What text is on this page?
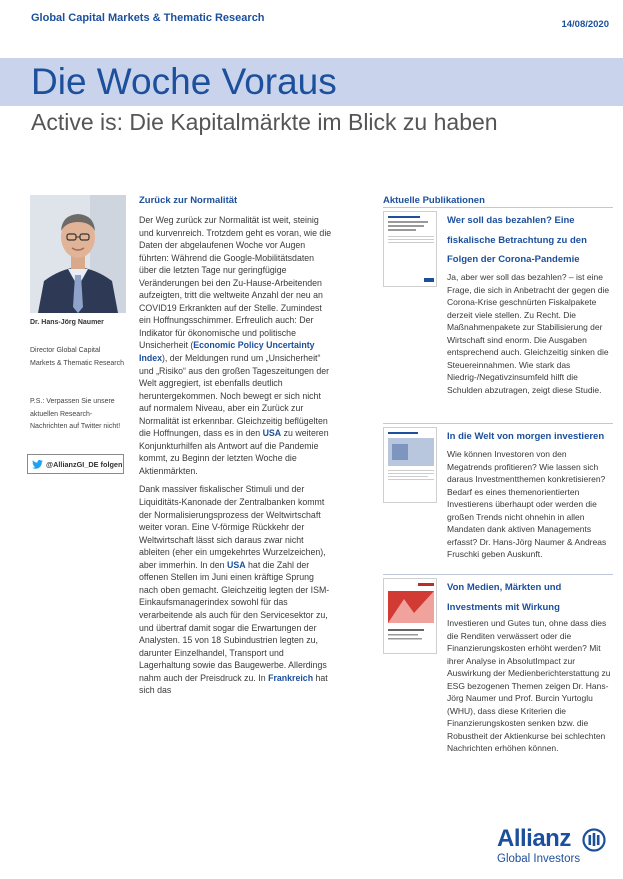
Global Capital Markets & Thematic Research
14/08/2020
Die Woche Voraus
Active is: Die Kapitalmärkte im Blick zu haben
Dr. Hans-Jörg Naumer
Director Global Capital Markets & Thematic Research
P.S.: Verpassen Sie unsere aktuellen Research-Nachrichten auf Twitter nicht!
@AllianzGI_DE folgen
Zurück zur Normalität

Der Weg zurück zur Normalität ist weit, steinig und kurvenreich. Trotzdem geht es voran, wie die Daten der abgelaufenen Woche vor Augen führten: Während die Google-Mobilitätsdaten über die letzten Tage nur geringfügige Veränderungen bei den Zu-Hause-Arbeitenden aufzeigten, tritt die weltweite Anzahl der neu an COVID19 Erkrankten auf der Stelle. Zumindest ein Hoffnungsschimmer. Erfreulich auch: Der Indikator für ökonomische und politische Unsicherheit (Economic Policy Uncertainty Index), der Meldungen rund um „Unsicherheit“ und „Risiko“ aus den großen Tageszeitungen der Welt aggregiert, ist ebenfalls deutlich heruntergekommen. Noch bewegt er sich nicht auf normalem Niveau, aber ein Zurück zur Normalität ist erkennbar. Gleichzeitig beflügelten die Hoffnungen, dass es in den USA zu weiteren Konjunkturhilfen als Antwort auf die Pandemie kommt, zu Beginn der letzten Woche die Aktienmärkten.

Dank massiver fiskalischer Stimuli und der Liquiditäts-Kanonade der Zentralbanken kommt der Normalisierungsprozess der Weltwirtschaft weiter voran. Eine V-förmige Rückkehr der Weltwirtschaft lässt sich daraus zwar nicht ableiten (eher ein umgekehrtes Wurzelzeichen), aber immerhin. In den USA hat die Zahl der offenen Stellen im Juni einen kräftige Sprung nach oben gemacht. Gleichzeitig legten der ISM-Einkaufsmanagerindex sowohl für das verarbeitende als auch für den Servicesektor zu, und übertraf damit sogar die Erwartungen der Analysten. 15 von 18 Subindustrien legten zu, darunter Einzelhandel, Transport und Lagerhaltung sowie das Baugewerbe. Allerdings nahm auch der Preisdruck zu. In Frankreich hat sich das

Aktuelle Publikationen
Wer soll das bezahlen? Eine fiskalische Betrachtung zu den Folgen der Corona-Pandemie
Ja, aber wer soll das bezahlen? – ist eine Frage, die sich in Anbetracht der gegen die Corona-Krise geschnürten Fiskalpakete derzeit viele stellen. Zu Recht. Die Maßnahmenpakete zur Stabilisierung der Wirtschaft sind enorm. Die Ausgaben entsprechend auch. Gleichzeitig sinken die Steuereinnahmen. Wie stark das Niedrig-/Negativzinsumfeld hilft die Schulden abzutragen, zeigt diese Studie.
In die Welt von morgen investieren
Wie können Investoren von den Megatrends profitieren? Wie lassen sich daraus Investmentthemen konkretisieren? Bedarf es eines themenorientierten Investierens überhaupt oder werden die großen Trends nicht ohnehin in allen Mandaten dank aktiven Managements erfasst? Dr. Hans-Jörg Naumer & Andreas Fruschki geben Auskunft.
Von Medien, Märkten und Investments mit Wirkung
Investieren und Gutes tun, ohne dass dies die Renditen verwässert oder die Finanzierungskosten erhöht werden? Mit ihrer Analyse in AbsolutImpact zur Auswirkung der Medienberichterstattung zu ESG bezogenen Themen zeigen Dr. Hans-Jörg Naumer und Prof. Burcin Yurtoglu (WHU), dass diese Kriterien die Finanzierungskosten senken bzw. die Robustheit der Aktienkurse bei schlechten Nachrichten erhöhen können.
Allianz
Global Investors
